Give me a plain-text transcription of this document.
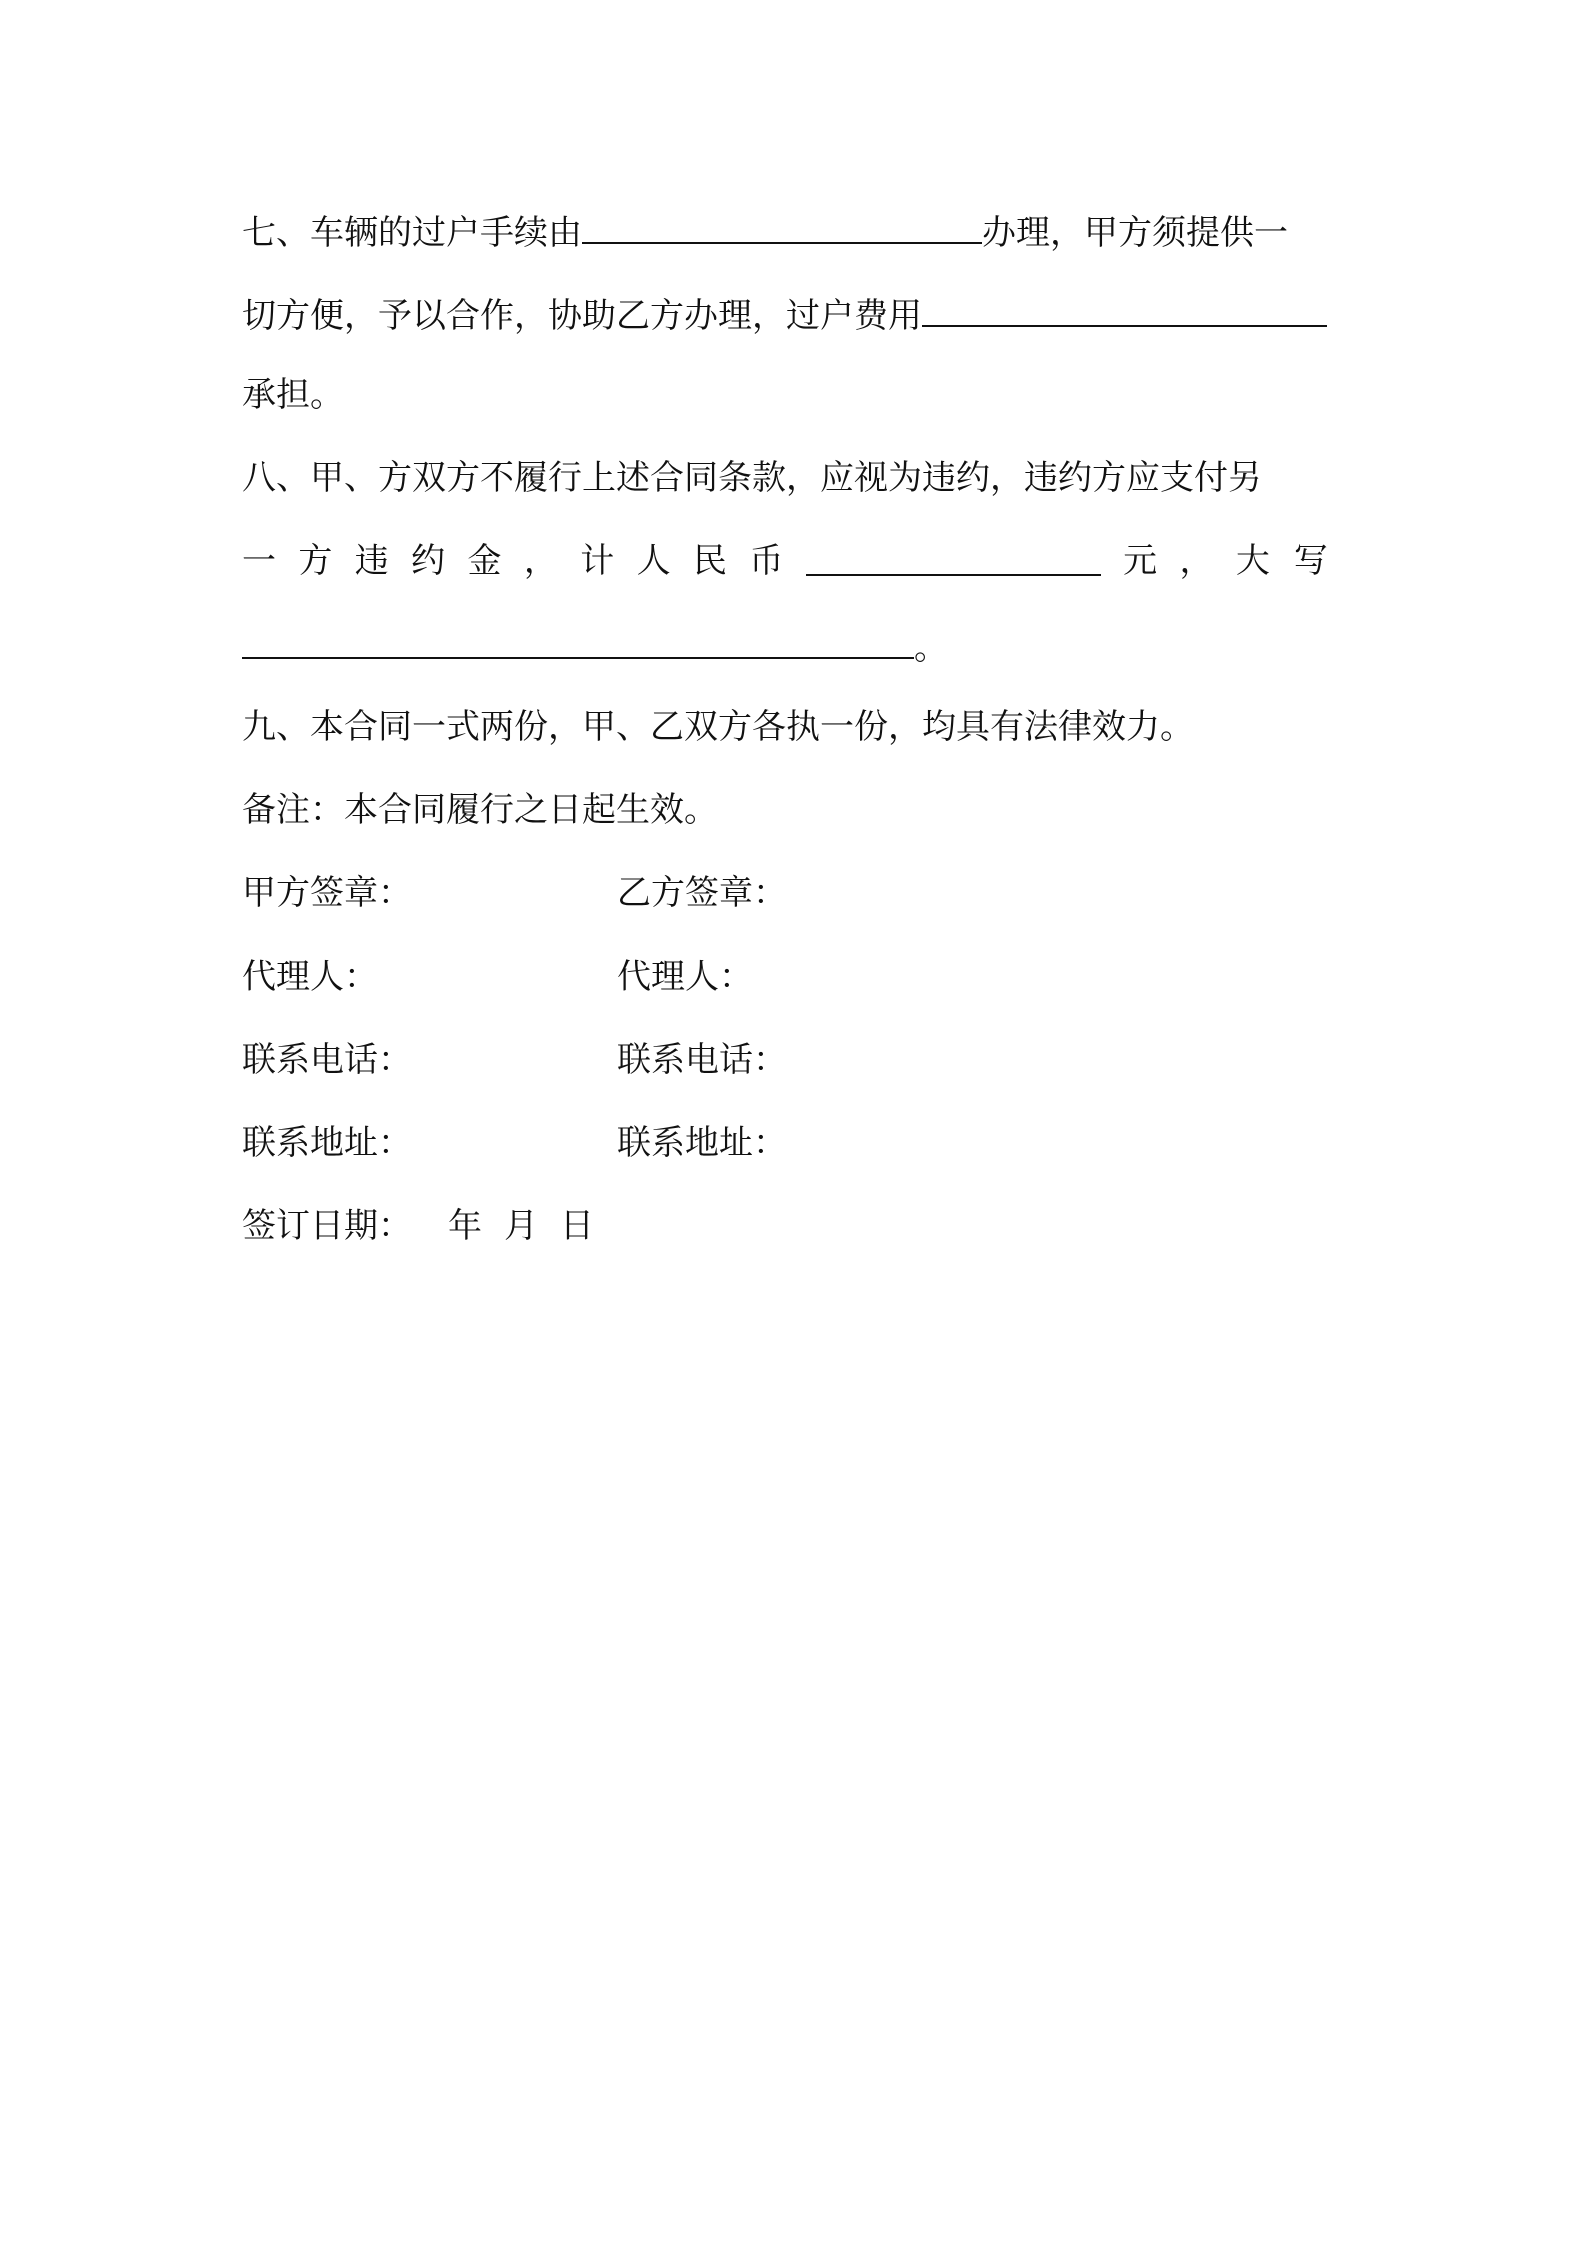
七、车辆的过户手续由	办理，甲方须提供一
切方便，予以合作，协助乙方办理，过户费用
承担。
八、甲、方双方不履行上述合同条款，应视为违约，违约方应支付另
一 方 违 约 金 ， 计 人 民 币	元 ， 大写
。
九、本合同一式两份，甲、乙双方各执一份，均具有法律效力。
备注：本合同履行之日起生效。
甲方签章：	乙方签章：
代理人：	代理人：
联系电话：	联系电话：
联系地址：	联系地址：
签订日期： 年 月 日
